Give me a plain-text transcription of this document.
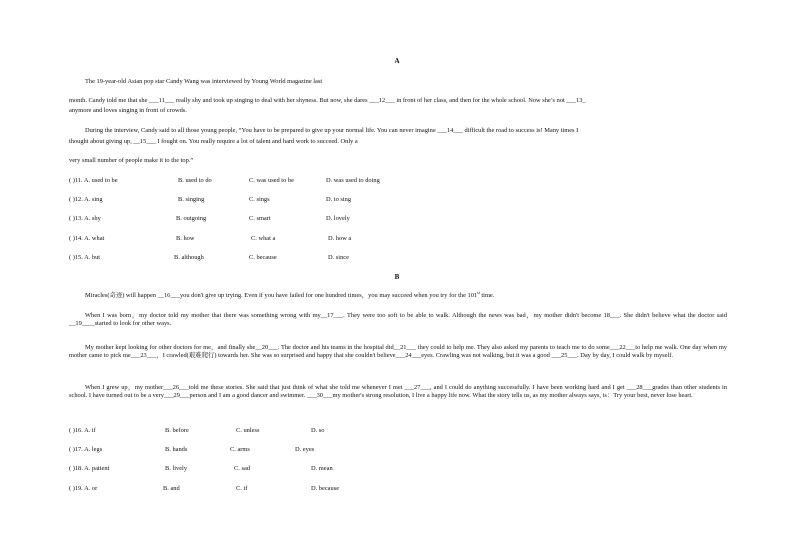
A
The 19-year-old Asian pop star Candy Wang was interviewed by Young World magazine last
month. Candy told me that she ___11___ really shy and took up singing to deal with her shyness. But now, she dares ___12___ in front of her class, and then for the whole school. Now she’s not ___13_
anymore and loves singing in front of crowds.
During the interview, Candy said to all those young people, “You have to be prepared to give up your normal life. You can never imagine ___14___ difficult the road to success is! Many times I
thought about giving up, __15___ I fought on. You really require a lot of talent and hard work to succeed. Only a
very small number of people make it to the top.”
( )11. A. used to be	B. used to do	C. was used to be	D. was used to doing
( )12. A. sing	B. singing	C. sings	D. to sing
( )13. A. shy	B. outgoing	C. smart	D. lovely
( )14. A. what	B. how	C. what a	D. how a
( )15. A. but	B. although	C. because	D. since
B
Miracles(奇迹) will happen __16___you don't give up trying. Even if you have failed for one hundred times，you may succeed when you try for the 101st time.
When I was born，my doctor told my mother that there was something wrong with my__17___. They were too soft to be able to walk. Although the news was bad，my mother didn't become 18___. She didn't believe what the doctor said __19____started to look for other ways.
My mother kept looking for other doctors for me，and finally she__20___. The doctor and his teams in the hospital did__21___ they could to help me. They also asked my parents to teach me to do some___22___to help me walk. One day when my mother came to pick me___23___，I crawled(艰难爬行) towards her. She was so surprised and happy that she couldn't believe___24___eyes. Crawling was not walking, but it was a good ___25___. Day by day, I could walk by myself.
When I grew up，my mother___26___told me these stories. She said that just think of what she told me whenever I met ___27___, and I could do anything successfully. I have been working hard and I get ___28___grades than other students in school. I have turned out to be a very___29___person and I am a good dancer and swimmer. ___30___my mother's strong resolution, I live a happy life now. What the story tells us, as my mother always says, is：Try your best, never lose heart.
( )16. A. if	B. before	C. unless	D. so
( )17. A. legs	B. hands	C. arms	D. eyes
( )18. A. patient	B. lively	C. sad	D. mean
( )19. A. or	B. and	C. if	D. because
